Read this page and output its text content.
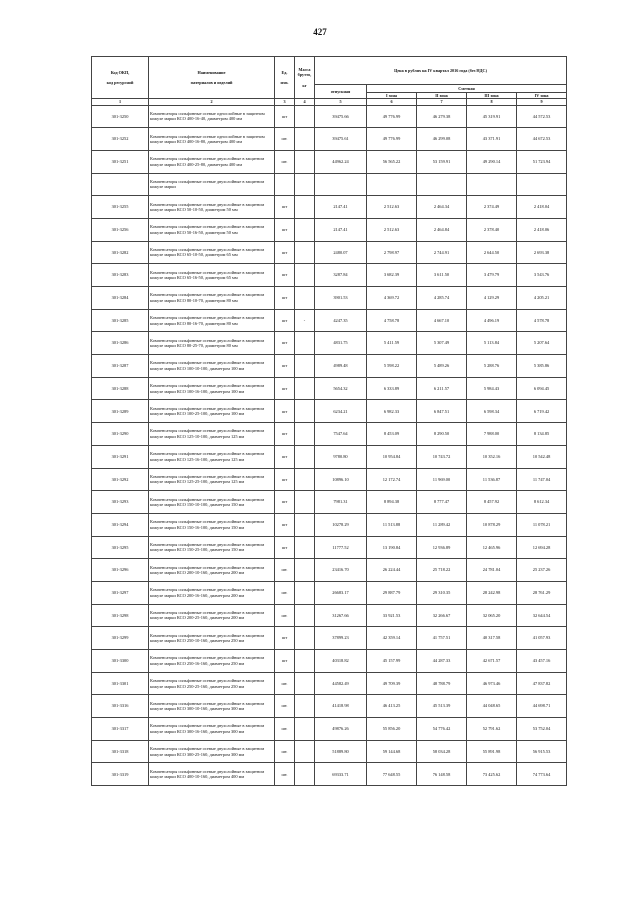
427
Код ОКП,

код ресурсной	Наименование

материалов и изделий	Ед.

изм.	Масса
брутто,

кг	Цена в рублях на IV квартал 2016 года (без НДС)				
				отпускная	Сметная			
					I зона	II зона	III зона	IV зона
1	2	3	4	5	6	7	8	9
301-3250	Компенсаторы сильфонные осевые однослойные в защитном кожухе марки КСО 400-16-40, диаметром 400 мм	шт		39475.66	49 776.99	46 279.38	45 319.91	44 572.53
301-3252	Компенсаторы сильфонные осевые однослойные в защитном кожухе марки КСО 400-16-80, диаметром 400 мм	шт.		39475.61	49 776.99	46 299.08	43 371.91	44 672.53
301-3251	Компенсаторы сильфонные осевые двухслойные в защитном кожухе марки КСО 400-25-80, диаметром 400 мм	шт.		44962.24	56 565.22	53 159.91	49 290.14	51 723.94
	Компенсаторы сильфонные осевые двухслойные в защитном кожухе марки							
301-3255	Компенсаторы сильфонные осевые двухслойные в защитном кожухе марки КСО 50-10-50, диаметром 50 мм	шт		2147.41	2 512.63	2 464.34	2 374.49	2 418.04
301-3256	Компенсаторы сильфонные осевые двухслойные в защитном кожухе марки КСО 50-16-50, диаметром 50 мм	шт		2147.41	2 512.63	2 464.84	2 378.40	2 418.06
301-3282	Компенсаторы сильфонные осевые двухслойные в защитном кожухе марки КСО 65-10-50, диаметром 65 мм	шт		2480.07	2 798.97	2 744.91	2 644.50	2 693.38
301-3283	Компенсаторы сильфонные осевые двухслойные в защитном кожухе марки КСО 65-16-50, диаметром 65 мм	шт		3287.84	3 682.39	3 611.50	3 479.79	3 543.76
301-3284	Компенсаторы сильфонные осевые двухслойные в защитном кожухе марки КСО 80-10-70, диаметром 80 мм	шт		3901.53	4 369.72	4 285.74	4 129.29	4 205.21
301-3285	Компенсаторы сильфонные осевые двухслойные в защитном кожухе марки КСО 80-16-70, диаметром 80 мм	шт	-	4247.35	4 758.78	4 667.10	4 496.19	4 578.78
301-3286	Компенсаторы сильфонные осевые двухслойные в защитном кожухе марки КСО 80-25-70, диаметром 80 мм	шт		4831.75	5 411.59	5 307.49	5 113.84	5 207.64
301-3287	Компенсаторы сильфонные осевые двухслойные в защитном кожухе марки КСО 100-10-100, диаметром 100 мм	шт		4989.48	5 598.22	5 489.26	5 288.76	5 385.86
301-3288	Компенсаторы сильфонные осевые двухслойные в защитном кожухе марки КСО 100-16-100, диаметром 100 мм	шт		5654.32	6 333.89	6 211.57	5 984.43	6 094.45
301-3289	Компенсаторы сильфонные осевые двухслойные в защитном кожухе марки КСО 100-25-100, диаметром 100 мм	шт		6234.21	6 982.33	6 847.51	6 598.34	6 719.42
301-3290	Компенсаторы сильфонные осевые двухслойные в защитном кожухе марки КСО 125-10-100, диаметром 125 мм	шт		7547.64	8 453.09	8 290.50	7 988.00	8 134.85
301-3291	Компенсаторы сильфонные осевые двухслойные в защитном кожухе марки КСО 125-16-100, диаметром 125 мм	шт		9780.80	10 954.84	10 743.72	10 352.16	10 542.48
301-3292	Компенсаторы сильфонные осевые двухслойные в защитном кожухе марки КСО 125-25-100, диаметром 125 мм	шт		10896.10	12 172.74	11 969.00	11 536.87	11 747.04
301-3293	Компенсаторы сильфонные осевые двухслойные в защитном кожухе марки КСО 150-10-100, диаметром 150 мм	шт		7981.31	8 894.38	8 777.47	8 457.92	8 612.34
301-3294	Компенсаторы сильфонные осевые двухслойные в защитном кожухе марки КСО 150-16-100, диаметром 150 мм	шт		10278.29	11 513.88	11 289.42	10 878.29	11 078.21
301-3295	Компенсаторы сильфонные осевые двухслойные в защитном кожухе марки КСО 150-25-100, диаметром 150 мм	шт		11777.52	13 190.84	12 936.89	12 465.96	12 694.28
301-3296	Компенсаторы сильфонные осевые двухслойные в защитном кожухе марки КСО 200-10-160, диаметром 200 мм	шт.		23416.70	26 224.44	25 718.22	24 781.04	25 237.26
301-3297	Компенсаторы сильфонные осевые двухслойные в защитном кожухе марки КСО 200-16-160, диаметром 200 мм	шт.		26683.17	29 887.79	29 310.35	28 242.98	28 761.29
301-3298	Компенсаторы сильфонные осевые двухслойные в защитном кожухе марки КСО 200-25-160, диаметром 200 мм	шт.		31267.66	33 921.53	32 266.67	32 065.20	32 644.54
301-3299	Компенсаторы сильфонные осевые двухслойные в защитном кожухе марки КСО 250-10-160, диаметром 250 мм	шт		37899.23	42 359.14	41 757.51	40 317.58	41 057.93
301-3300	Компенсаторы сильфонные осевые двухслойные в защитном кожухе марки КСО 250-16-160, диаметром 250 мм	шт		40318.82	45 157.99	44 287.33	42 671.57	43 457.16
301-3301	Компенсаторы сильфонные осевые двухслойные в защитном кожухе марки КСО 250-25-160, диаметром 250 мм	шт.		44582.49	49 709.39	48 788.79	46 973.46	47 837.82
301-3316	Компенсаторы сильфонные осевые двухслойные в защитном кожухе марки КСО 300-10-160, диаметром 300 мм	шт.		41418.98	46 413.25	45 513.39	44 048.65	44 698.71
301-3317	Компенсаторы сильфонные осевые двухслойные в защитном кожухе марки КСО 300-16-160, диаметром 300 мм	шт.		49876.26	55 856.20	54 776.42	52 791.62	53 752.04
301-3318	Компенсаторы сильфонные осевые двухслойные в защитном кожухе марки КСО 300-25-160, диаметром 300 мм	шт.		51889.80	59 144.68	58 034.28	55 891.98	56 915.53
301-3319	Компенсаторы сильфонные осевые двухслойные в защитном кожухе марки КСО 400-10-160, диаметром 400 мм	шт.		69333.71	77 648.55	76 148.58	73 425.62	74 773.64
